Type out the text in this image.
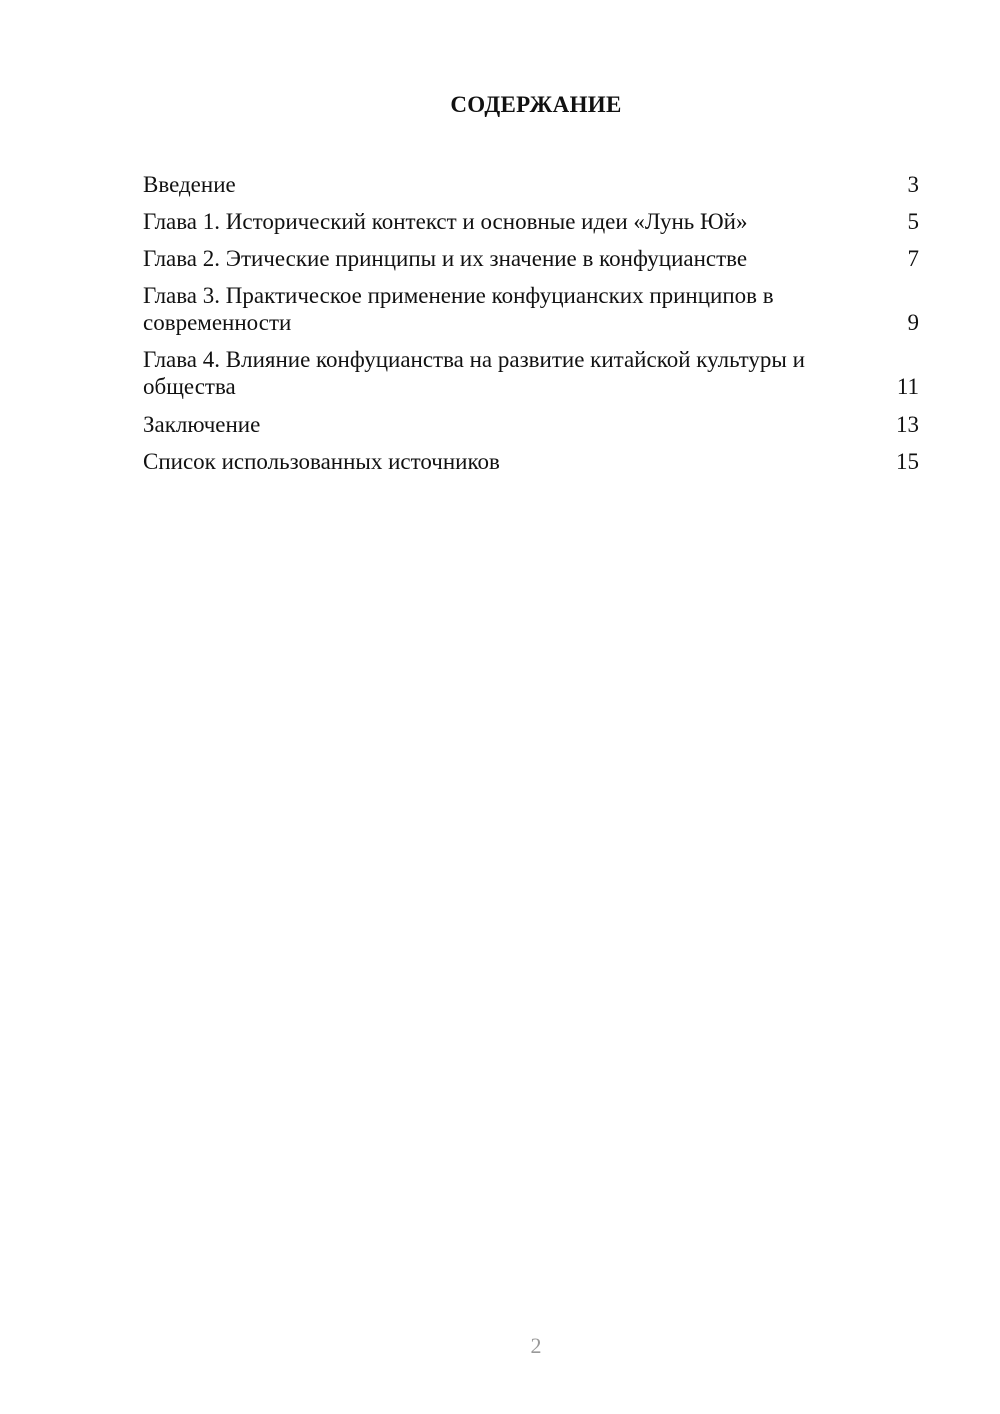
СОДЕРЖАНИЕ
Введение	3
Глава 1. Исторический контекст и основные идеи «Лунь Юй»	5
Глава 2. Этические принципы и их значение в конфуцианстве	7
Глава 3. Практическое применение конфуцианских принципов в современности	9
Глава 4. Влияние конфуцианства на развитие китайской культуры и общества	11
Заключение	13
Список использованных источников	15
2
